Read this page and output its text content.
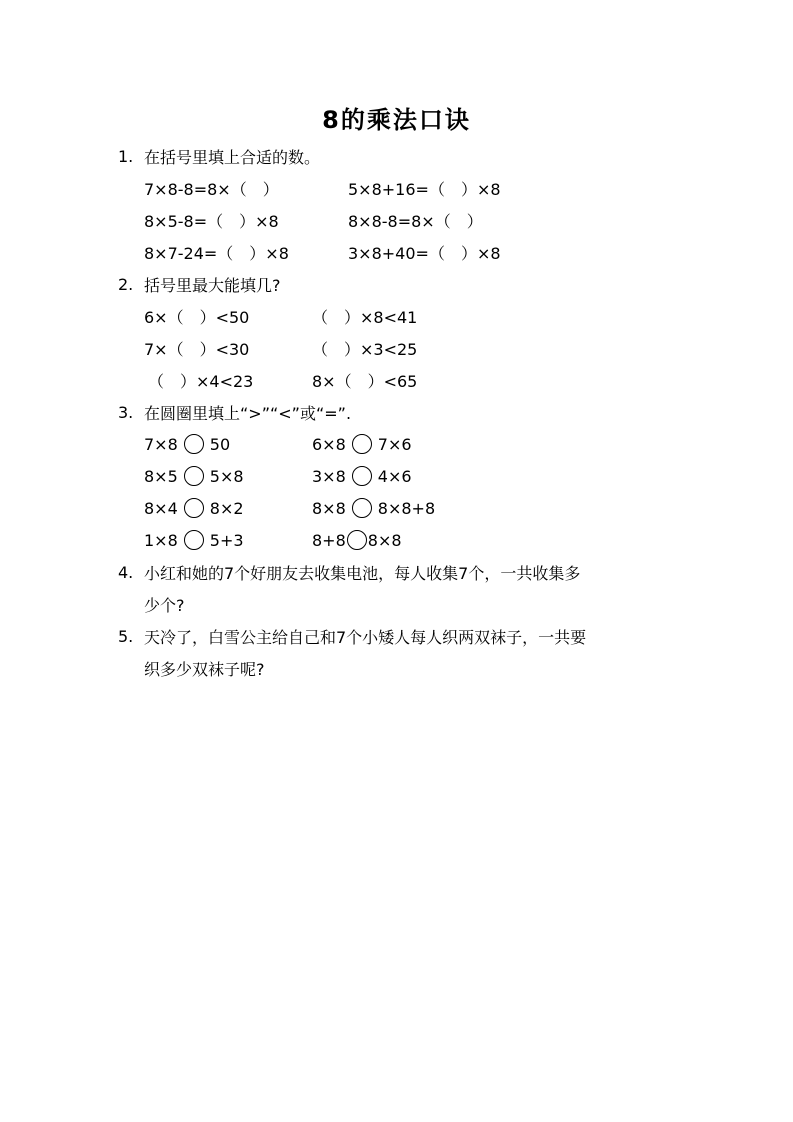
8的乘法口诀
1. 在括号里填上合适的数。
7×8-8=8×（　）	5×8+16=（　）×8
8×5-8=（　）×8	8×8-8=8×（　）
8×7-24=（　）×8	3×8+40=（　）×8
2. 括号里最大能填几?
6×（　）<50	（　）×8<41
7×（　）<30	（　）×3<25
（　）×4<23	8×（　）<65
3. 在圆圈里填上“>”“<”或“=”.
7×8 50	6×8 7×6
8×5 5×8	3×8 4×6
8×4 8×2	8×8 8×8+8
1×8 5+3	8+8 8×8
4. 小红和她的7个好朋友去收集电池，每人收集7个，一共收集多
少个?
5. 天冷了，白雪公主给自己和7个小矮人每人织两双袜子，一共要
织多少双袜子呢?
